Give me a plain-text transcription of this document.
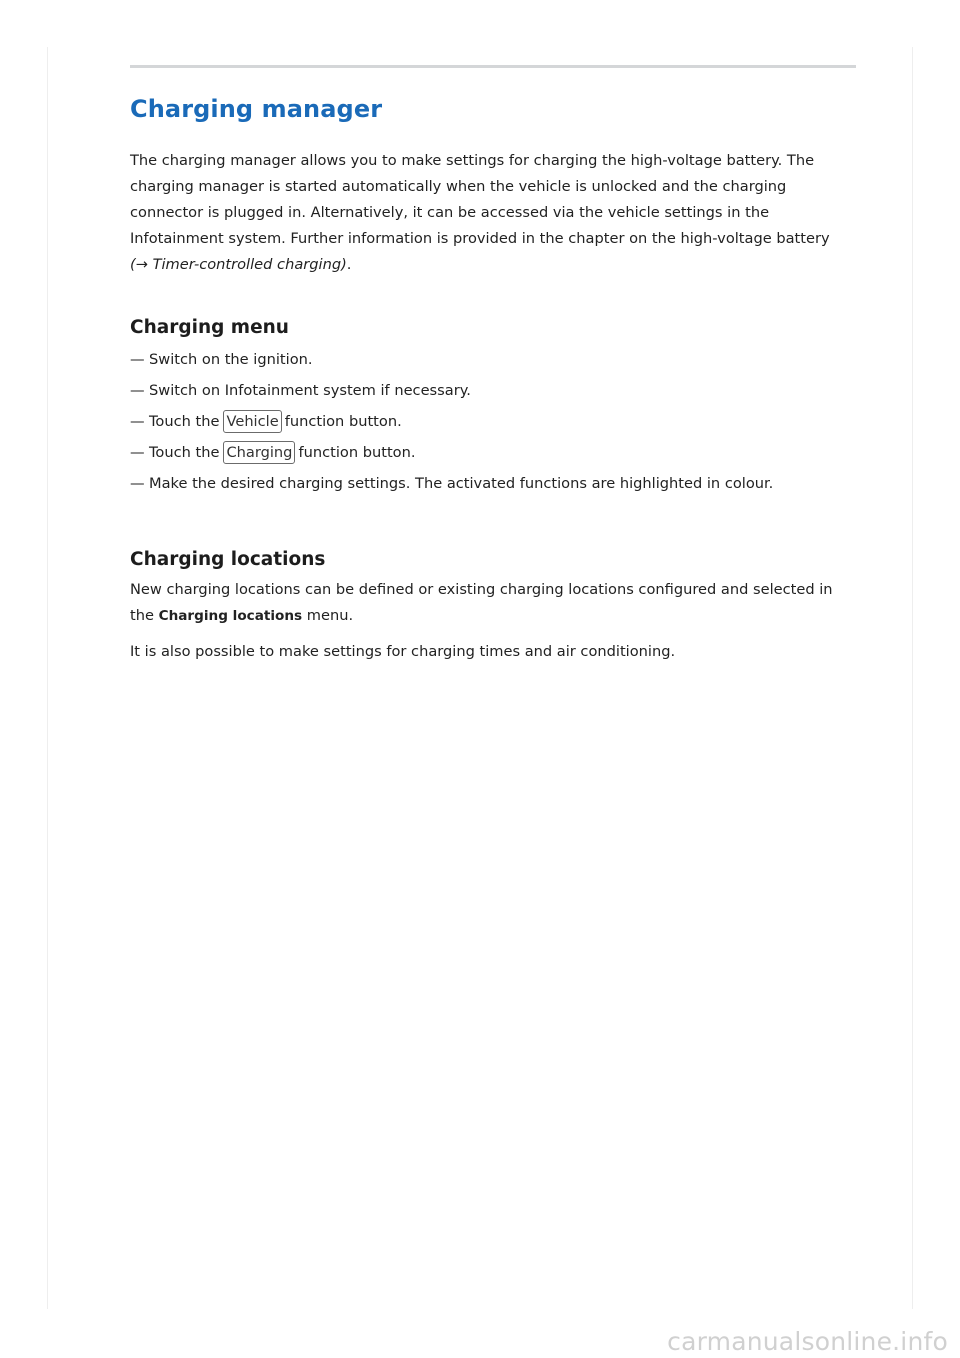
Charging manager

The charging manager allows you to make settings for charging the high-voltage battery. The charging manager is started automatically when the vehicle is unlocked and the charging connector is plugged in. Alternatively, it can be accessed via the vehicle settings in the Infotainment system. Further information is provided in the chapter on the high-voltage battery
(→ Timer-controlled charging).

Charging menu
— Switch on the ignition.
— Switch on Infotainment system if necessary.
— Touch the Vehicle function button.
— Touch the Charging function button.
— Make the desired charging settings. The activated functions are highlighted in colour.
Charging locations

New charging locations can be defined or existing charging locations configured and selected in the Charging locations menu.

It is also possible to make settings for charging times and air conditioning.

carmanualsonline.info
